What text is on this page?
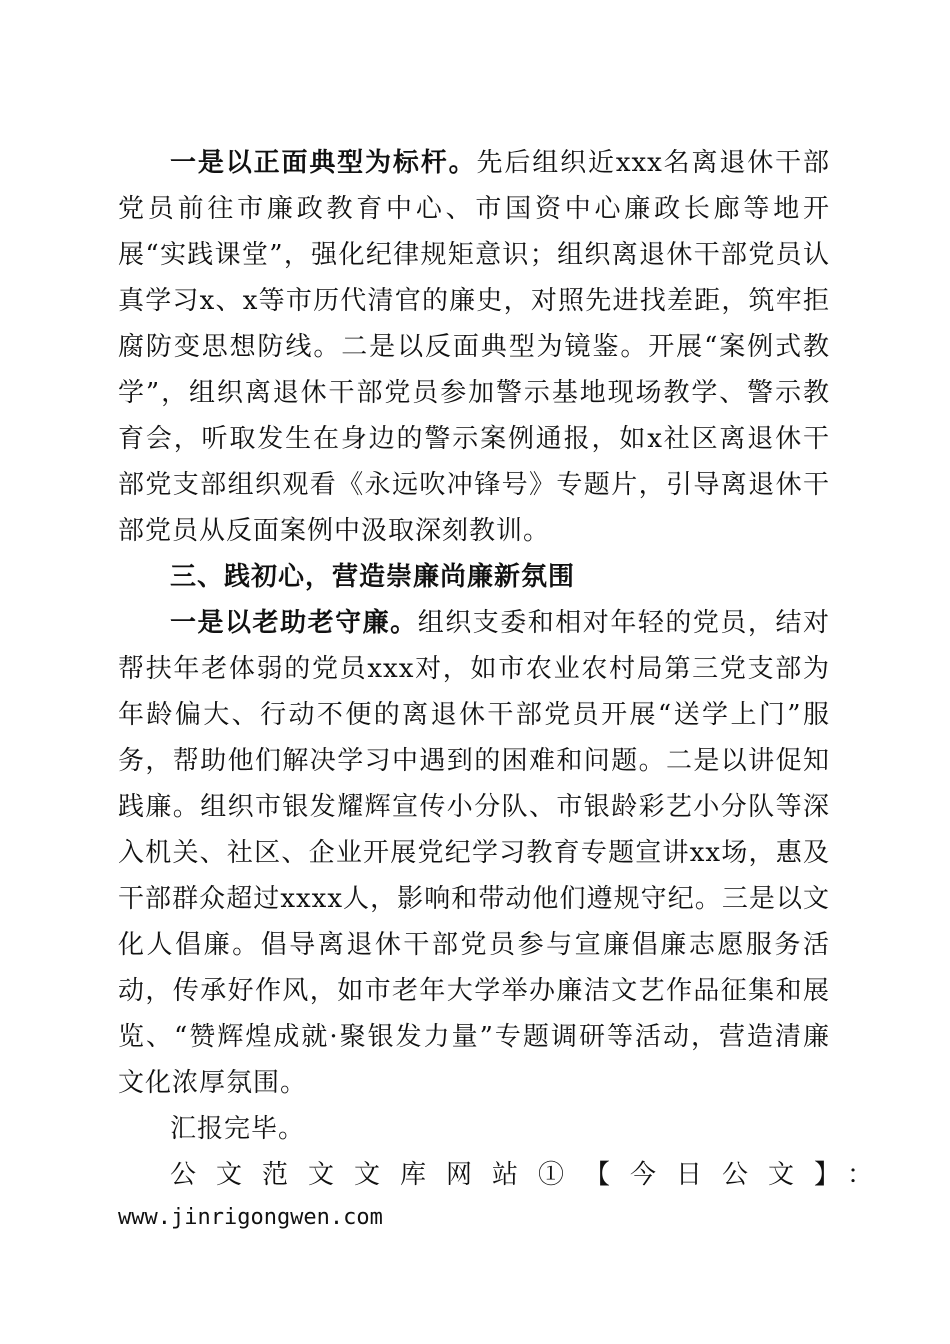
一是以正面典型为标杆。先后组织近xxx名离退休干部党员前往市廉政教育中心、市国资中心廉政长廊等地开展“实践课堂”，强化纪律规矩意识；组织离退休干部党员认真学习x、x等市历代清官的廉史，对照先进找差距，筑牢拒腐防变思想防线。二是以反面典型为镜鉴。开展“案例式教学”，组织离退休干部党员参加警示基地现场教学、警示教育会，听取发生在身边的警示案例通报，如x社区离退休干部党支部组织观看《永远吹冲锋号》专题片，引导离退休干部党员从反面案例中汲取深刻教训。

三、践初心，营造崇廉尚廉新氛围

一是以老助老守廉。组织支委和相对年轻的党员，结对帮扶年老体弱的党员xxx对，如市农业农村局第三党支部为年龄偏大、行动不便的离退休干部党员开展“送学上门”服务，帮助他们解决学习中遇到的困难和问题。二是以讲促知践廉。组织市银发耀辉宣传小分队、市银龄彩艺小分队等深入机关、社区、企业开展党纪学习教育专题宣讲xx场，惠及干部群众超过xxxx人，影响和带动他们遵规守纪。三是以文化人倡廉。倡导离退休干部党员参与宣廉倡廉志愿服务活动，传承好作风，如市老年大学举办廉洁文艺作品征集和展览、“赞辉煌成就·聚银发力量”专题调研等活动，营造清廉文化浓厚氛围。

汇报完毕。

公文范文文库网站①【今日公文】：

www.jinrigongwen.com
